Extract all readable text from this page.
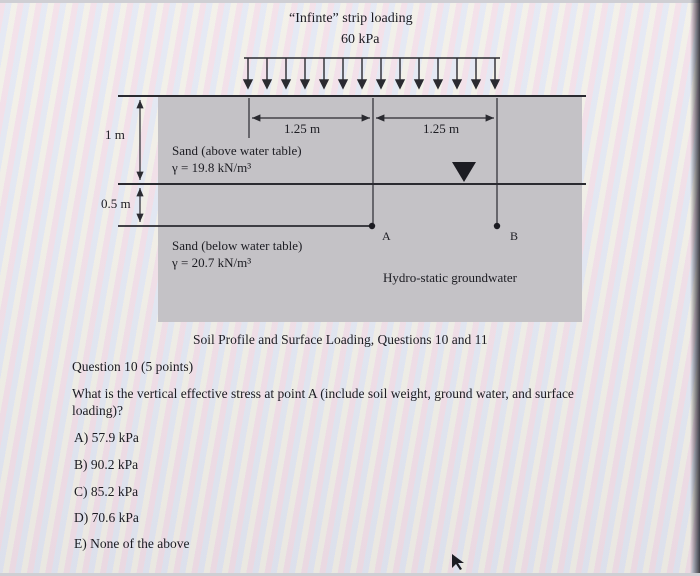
“Infinte” strip loading
60 kPa
1 m
0.5 m
1.25 m	1.25 m
Sand (above water table)
γ = 19.8 kN/m³
A	B
Sand (below water table)
γ = 20.7 kN/m³
Hydro-static groundwater
Soil Profile and Surface Loading, Questions 10 and 11
Question 10 (5 points)
What is the vertical effective stress at point A (include soil weight, ground water, and surface
loading)?
A) 57.9 kPa
B) 90.2 kPa
C) 85.2 kPa
D) 70.6 kPa
E) None of the above
